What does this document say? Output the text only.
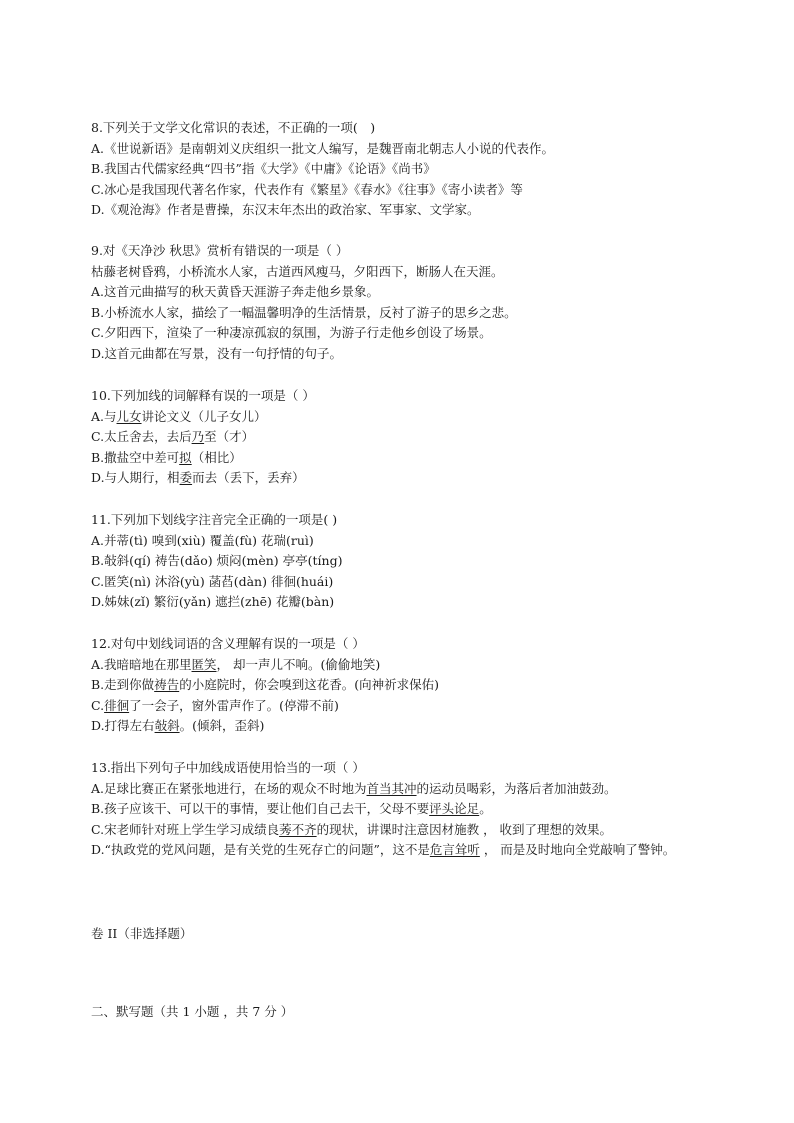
8.下列关于文学文化常识的表述，不正确的一项(　)
A.《世说新语》是南朝刘义庆组织一批文人编写，是魏晋南北朝志人小说的代表作。
B.我国古代儒家经典“四书”指《大学》《中庸》《论语》《尚书》
C.冰心是我国现代著名作家，代表作有《繁星》《春水》《往事》《寄小读者》等
D.《观沧海》作者是曹操，东汉末年杰出的政治家、军事家、文学家。
9.对《天净沙 秋思》赏析有错误的一项是（ ）
枯藤老树昏鸦，小桥流水人家，古道西风瘦马，夕阳西下，断肠人在天涯。
A.这首元曲描写的秋天黄昏天涯游子奔走他乡景象。
B.小桥流水人家，描绘了一幅温馨明净的生活情景，反衬了游子的思乡之悲。
C.夕阳西下，渲染了一种凄凉孤寂的氛围，为游子行走他乡创设了场景。
D.这首元曲都在写景，没有一句抒情的句子。
10.下列加线的词解释有误的一项是（ ）
A.与儿女讲论文义（儿子女儿）
C.太丘舍去，去后乃至（才）
B.撒盐空中差可拟（相比）
D.与人期行，相委而去（丢下，丢弃）
11.下列加下划线字注音完全正确的一项是( )
A.并蒂(tì) 嗅到(xiù) 覆盖(fù) 花瑞(ruì)
B.敧斜(qí) 祷告(dǎo) 烦闷(mèn) 亭亭(tíng)
C.匿笑(nì) 沐浴(yù) 菡萏(dàn) 徘徊(huái)
D.姊妹(zǐ) 繁衍(yǎn) 遮拦(zhē) 花瓣(bàn)
12.对句中划线词语的含义理解有误的一项是（ ）
A.我暗暗地在那里匿笑， 却一声儿不响。(偷偷地笑)
B.走到你做祷告的小庭院时，你会嗅到这花香。(向神祈求保佑)
C.徘徊了一会子，窗外雷声作了。(停滞不前)
D.打得左右敧斜。(倾斜，歪斜)
13.指出下列句子中加线成语使用恰当的一项（ ）
A.足球比赛正在紧张地进行，在场的观众不时地为首当其冲的运动员喝彩，为落后者加油鼓劲。
B.孩子应该干、可以干的事情，要让他们自己去干，父母不要评头论足。
C.宋老师针对班上学生学习成绩良莠不齐的现状，讲课时注意因材施教 ， 收到了理想的效果。
D.“执政党的党风问题，是有关党的生死存亡的问题”，这不是危言耸听 ， 而是及时地向全党敲响了警钟。
卷 II（非选择题）
二、默写题（共 1 小题 ，共 7 分 ）
